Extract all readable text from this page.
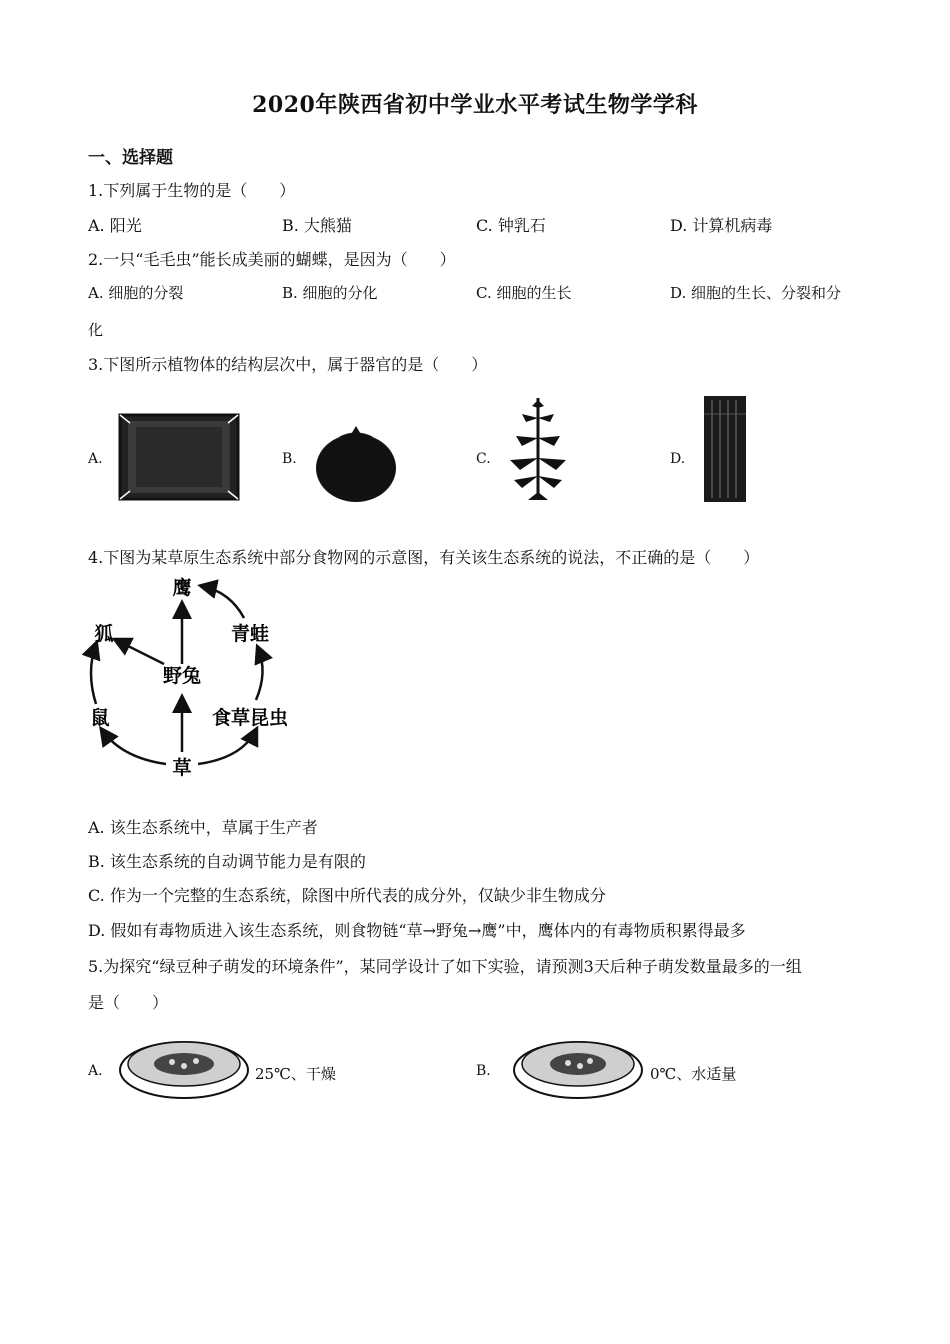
2020年陕西省初中学业水平考试生物学学科
一、选择题
1.下列属于生物的是（　　）
A. 阳光	B. 大熊猫	C. 钟乳石	D. 计算机病毒
2.一只“毛毛虫”能长成美丽的蝴蝶，是因为（　　）
A. 细胞的分裂	B. 细胞的分化	C. 细胞的生长	D. 细胞的生长、分裂和分
化
3.下图所示植物体的结构层次中，属于器官的是（　　）
A.	B.	C.	D.
4.下图为某草原生态系统中部分食物网的示意图，有关该生态系统的说法，不正确的是（　　）
鹰
狐	青蛙
野兔
鼠	食草昆虫
草
A. 该生态系统中，草属于生产者
B. 该生态系统的自动调节能力是有限的
C. 作为一个完整的生态系统，除图中所代表的成分外，仅缺少非生物成分
D. 假如有毒物质进入该生态系统，则食物链“草→野兔→鹰”中，鹰体内的有毒物质积累得最多
5.为探究“绿豆种子萌发的环境条件”，某同学设计了如下实验，请预测3天后种子萌发数量最多的一组
是（　　）
A.	25℃、干燥	B.	0℃、水适量
